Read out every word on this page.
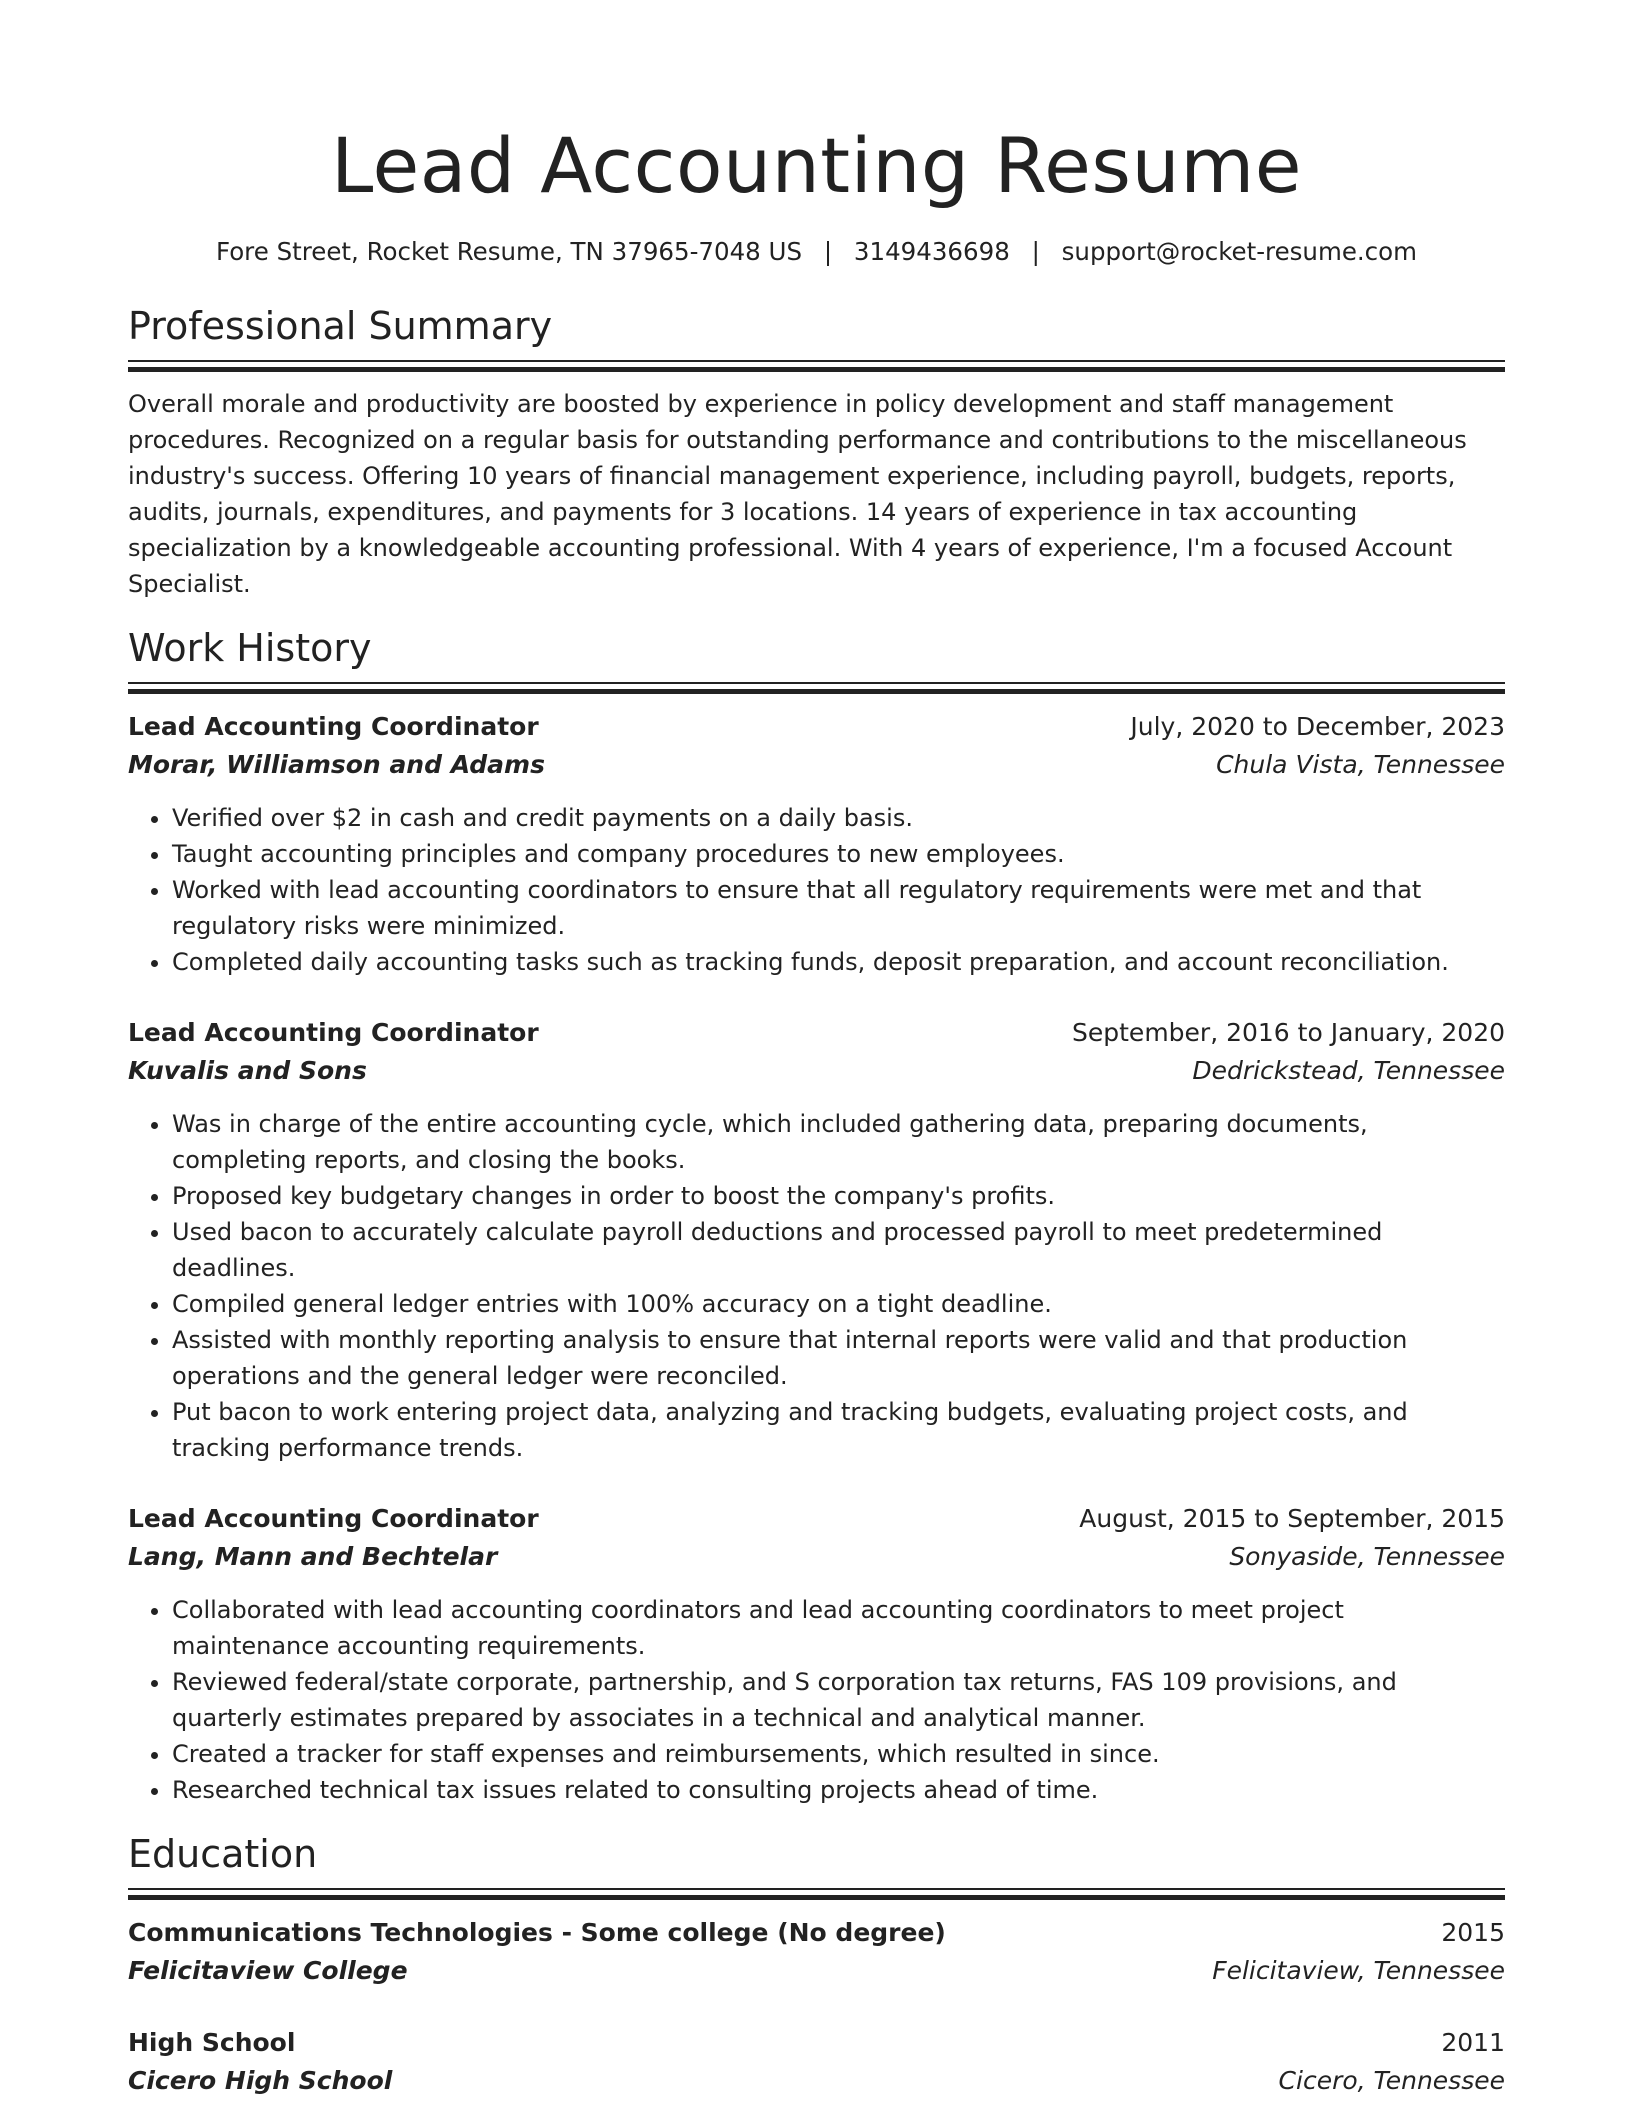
Lead Accounting Resume
Fore Street, Rocket Resume, TN 37965-7048 US | 3149436698 | support@rocket-resume.com
Professional Summary

Overall morale and productivity are boosted by experience in policy development and staff management procedures. Recognized on a regular basis for outstanding performance and contributions to the miscellaneous industry's success. Offering 10 years of financial management experience, including payroll, budgets, reports, audits, journals, expenditures, and payments for 3 locations. 14 years of experience in tax accounting specialization by a knowledgeable accounting professional. With 4 years of experience, I'm a focused Account Specialist.

Work History
Lead Accounting Coordinator	July, 2020 to December, 2023
Morar, Williamson and Adams	Chula Vista, Tennessee
• Verified over $2 in cash and credit payments on a daily basis.
• Taught accounting principles and company procedures to new employees.
• Worked with lead accounting coordinators to ensure that all regulatory requirements were met and that regulatory risks were minimized.
• Completed daily accounting tasks such as tracking funds, deposit preparation, and account reconciliation.
Lead Accounting Coordinator	September, 2016 to January, 2020
Kuvalis and Sons	Dedrickstead, Tennessee
• Was in charge of the entire accounting cycle, which included gathering data, preparing documents, completing reports, and closing the books.
• Proposed key budgetary changes in order to boost the company's profits.
• Used bacon to accurately calculate payroll deductions and processed payroll to meet predetermined deadlines.
• Compiled general ledger entries with 100% accuracy on a tight deadline.
• Assisted with monthly reporting analysis to ensure that internal reports were valid and that production operations and the general ledger were reconciled.
• Put bacon to work entering project data, analyzing and tracking budgets, evaluating project costs, and tracking performance trends.
Lead Accounting Coordinator	August, 2015 to September, 2015
Lang, Mann and Bechtelar	Sonyaside, Tennessee
• Collaborated with lead accounting coordinators and lead accounting coordinators to meet project maintenance accounting requirements.
• Reviewed federal/state corporate, partnership, and S corporation tax returns, FAS 109 provisions, and quarterly estimates prepared by associates in a technical and analytical manner.
• Created a tracker for staff expenses and reimbursements, which resulted in since.
• Researched technical tax issues related to consulting projects ahead of time.
Education
Communications Technologies - Some college (No degree)	2015
Felicitaview College	Felicitaview, Tennessee
High School	2011
Cicero High School	Cicero, Tennessee
